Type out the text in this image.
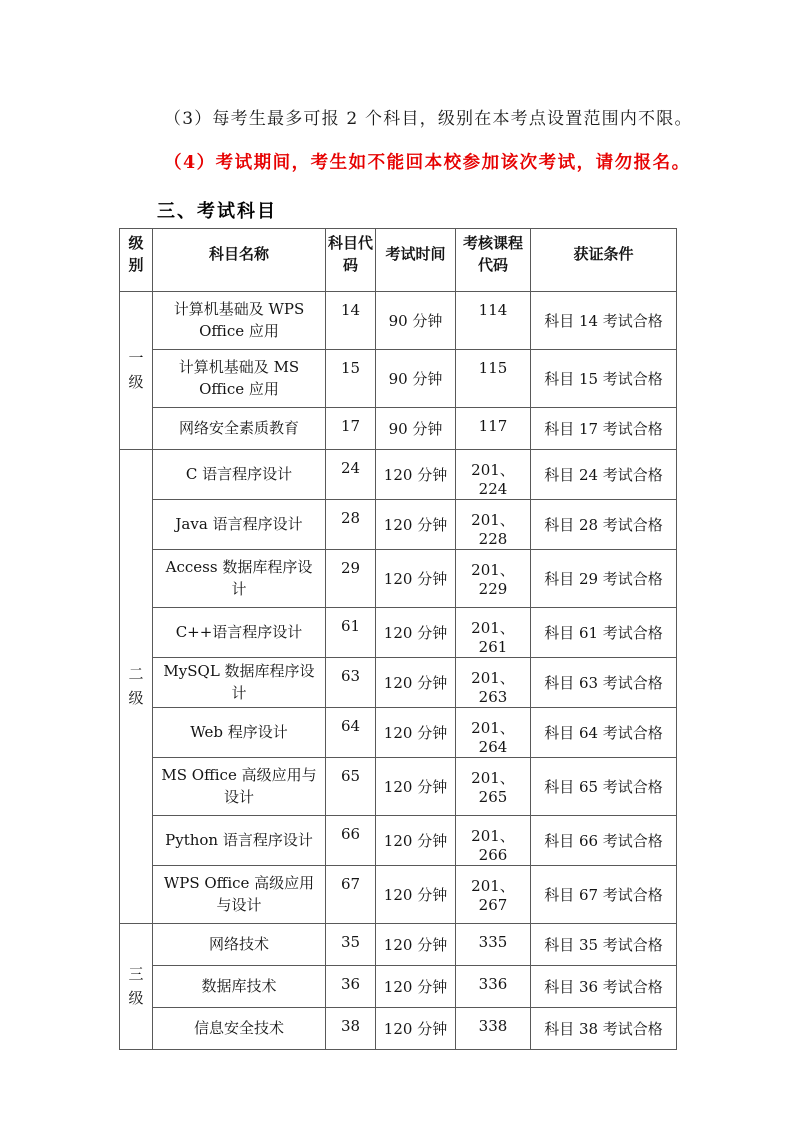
（3）每考生最多可报 2 个科目，级别在本考点设置范围内不限。
（4）考试期间，考生如不能回本校参加该次考试，请勿报名。
三、考试科目
级别	科目名称	科目代码	考试时间	考核课程代码	获证条件
一级	计算机基础及 WPS Office 应用	14	90 分钟	114	科目 14 考试合格
	计算机基础及 MS Office 应用	15	90 分钟	115	科目 15 考试合格
	网络安全素质教育	17	90 分钟	117	科目 17 考试合格
二级	C 语言程序设计	24	120 分钟	201、224	科目 24 考试合格
	Java 语言程序设计	28	120 分钟	201、228	科目 28 考试合格
	Access 数据库程序设计	29	120 分钟	201、229	科目 29 考试合格
	C++语言程序设计	61	120 分钟	201、261	科目 61 考试合格
	MySQL 数据库程序设计	63	120 分钟	201、263	科目 63 考试合格
	Web 程序设计	64	120 分钟	201、264	科目 64 考试合格
	MS Office 高级应用与设计	65	120 分钟	201、265	科目 65 考试合格
	Python 语言程序设计	66	120 分钟	201、266	科目 66 考试合格
	WPS Office 高级应用与设计	67	120 分钟	201、267	科目 67 考试合格
三级	网络技术	35	120 分钟	335	科目 35 考试合格
	数据库技术	36	120 分钟	336	科目 36 考试合格
	信息安全技术	38	120 分钟	338	科目 38 考试合格
